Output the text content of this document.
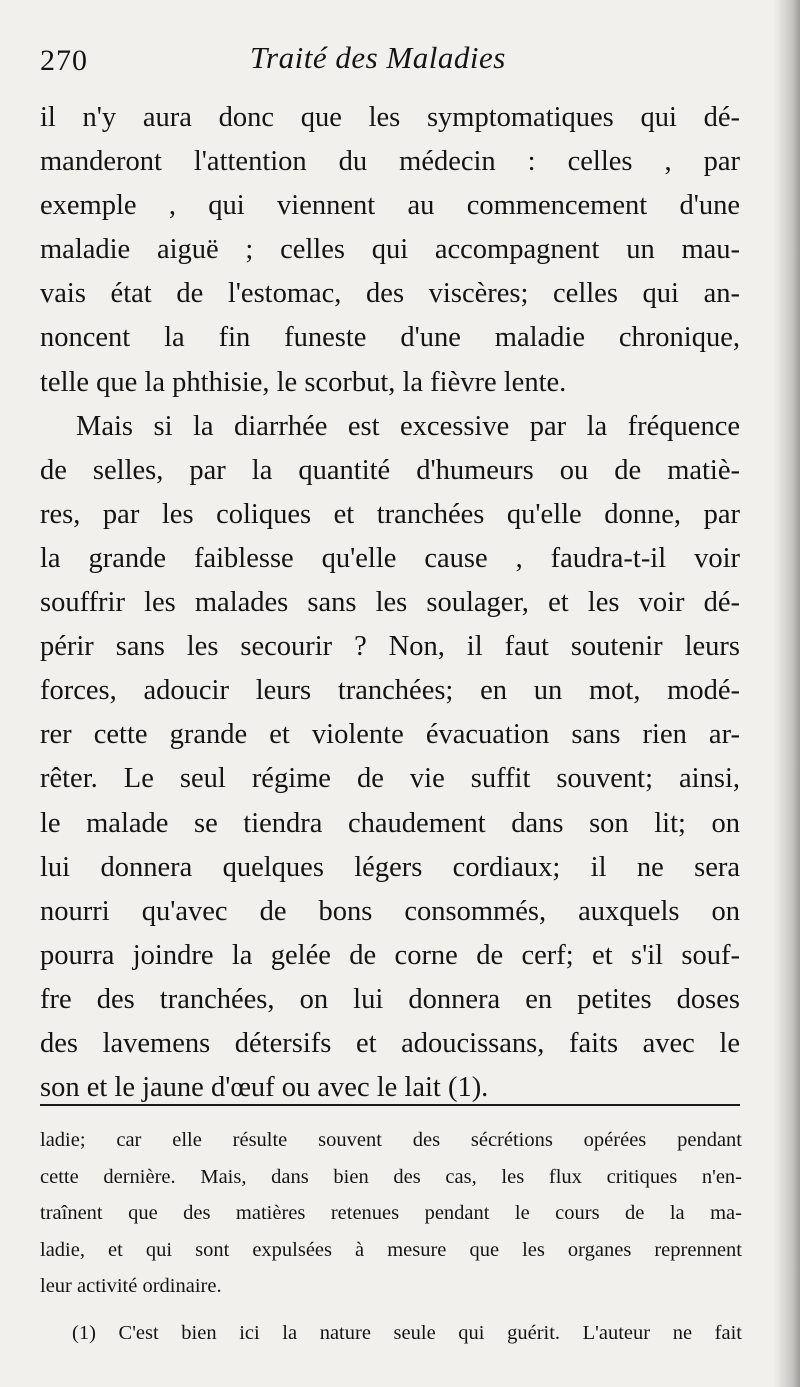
270	Traité des Maladies
il n'y aura donc que les symptomatiques qui dé-
manderont l'attention du médecin : celles , par
exemple , qui viennent au commencement d'une
maladie aiguë ; celles qui accompagnent un mau-
vais état de l'estomac, des viscères; celles qui an-
noncent la fin funeste d'une maladie chronique,
telle que la phthisie, le scorbut, la fièvre lente.
Mais si la diarrhée est excessive par la fréquence
de selles, par la quantité d'humeurs ou de matiè-
res, par les coliques et tranchées qu'elle donne, par
la grande faiblesse qu'elle cause , faudra-t-il voir
souffrir les malades sans les soulager, et les voir dé-
périr sans les secourir ? Non, il faut soutenir leurs
forces, adoucir leurs tranchées; en un mot, modé-
rer cette grande et violente évacuation sans rien ar-
rêter. Le seul régime de vie suffit souvent; ainsi,
le malade se tiendra chaudement dans son lit; on
lui donnera quelques légers cordiaux; il ne sera
nourri qu'avec de bons consommés, auxquels on
pourra joindre la gelée de corne de cerf; et s'il souf-
fre des tranchées, on lui donnera en petites doses
des lavemens détersifs et adoucissans, faits avec le
son et le jaune d'œuf ou avec le lait (1).
ladie; car elle résulte souvent des sécrétions opérées pendant
cette dernière. Mais, dans bien des cas, les flux critiques n'en-
traînent que des matières retenues pendant le cours de la ma-
ladie, et qui sont expulsées à mesure que les organes reprennent
leur activité ordinaire.
(1) C'est bien ici la nature seule qui guérit. L'auteur ne fait
